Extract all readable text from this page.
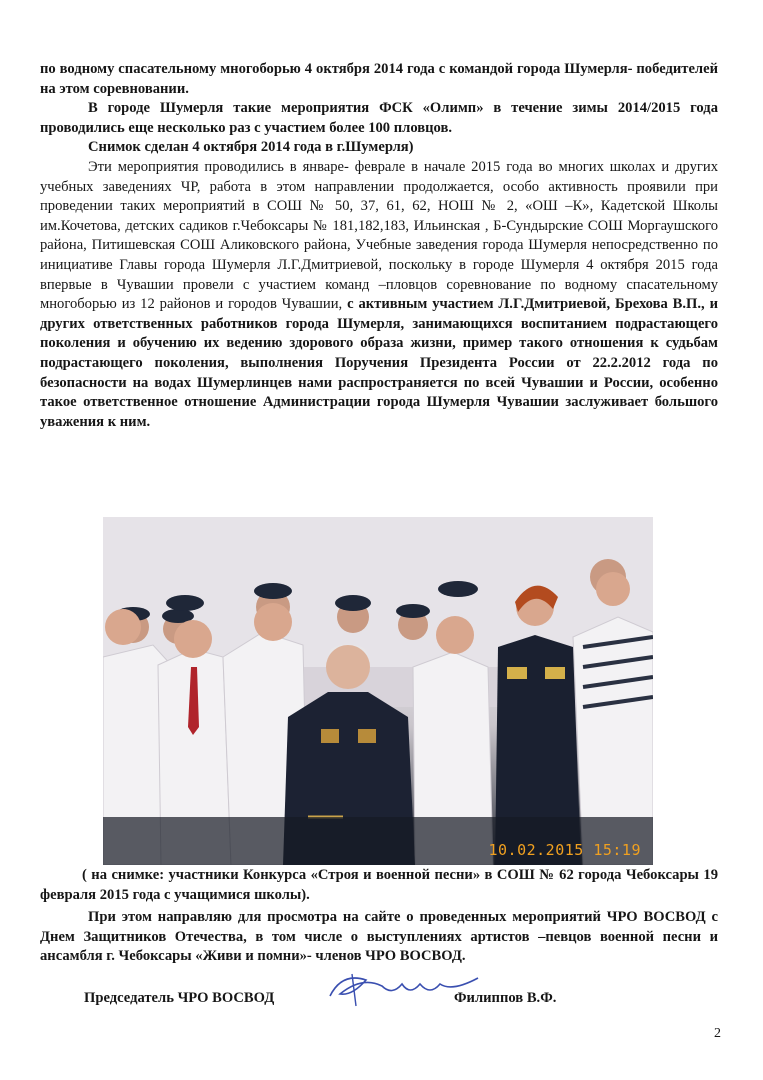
по водному спасательному многоборью 4 октября 2014 года с командой города Шумерля- победителей на этом соревновании.

В городе Шумерля такие мероприятия ФСК «Олимп» в течение зимы 2014/2015 года проводились еще несколько раз с участием более 100 пловцов.

Снимок сделан 4 октября 2014 года в г.Шумерля)

Эти мероприятия проводились в январе- феврале в начале 2015 года во многих школах и других учебных заведениях ЧР, работа в этом направлении продолжается, особо активность проявили при проведении таких мероприятий в СОШ № 50, 37, 61, 62, НОШ № 2, «ОШ –К», Кадетской Школы им.Кочетова, детских садиков г.Чебоксары № 181,182,183, Ильинская , Б-Сундырские СОШ Моргаушского района, Питишевская СОШ Аликовского района, Учебные заведения города Шумерля непосредственно по инициативе Главы города Шумерля Л.Г.Дмитриевой, поскольку в городе Шумерля 4 октября 2015 года впервые в Чувашии провели с участием команд –пловцов соревнование по водному спасательному многоборью из 12 районов и городов Чувашии, с активным участием Л.Г.Дмитриевой, Брехова В.П., и других ответственных работников города Шумерля, занимающихся воспитанием подрастающего поколения и обучению их ведению здорового образа жизни, пример такого отношения к судьбам подрастающего поколения, выполнения Поручения Президента России от 22.2.2012 года по безопасности на водах Шумерлинцев нами распространяется по всей Чувашии и России, особенно такое ответственное отношение Администрации города Шумерля Чувашии заслуживает большого уважения к ним.

10.02.2015 15:19

( на снимке: участники Конкурса «Строя и военной песни» в СОШ № 62 города Чебоксары 19 февраля 2015 года с учащимися школы).

При этом направляю для просмотра на сайте о проведенных мероприятий ЧРО ВОСВОД с Днем Защитников Отечества, в том числе о выступлениях артистов –певцов военной песни и ансамбля г. Чебоксары «Живи и помни»- членов ЧРО ВОСВОД.

Председатель ЧРО ВОСВОД	Филиппов В.Ф.
2
